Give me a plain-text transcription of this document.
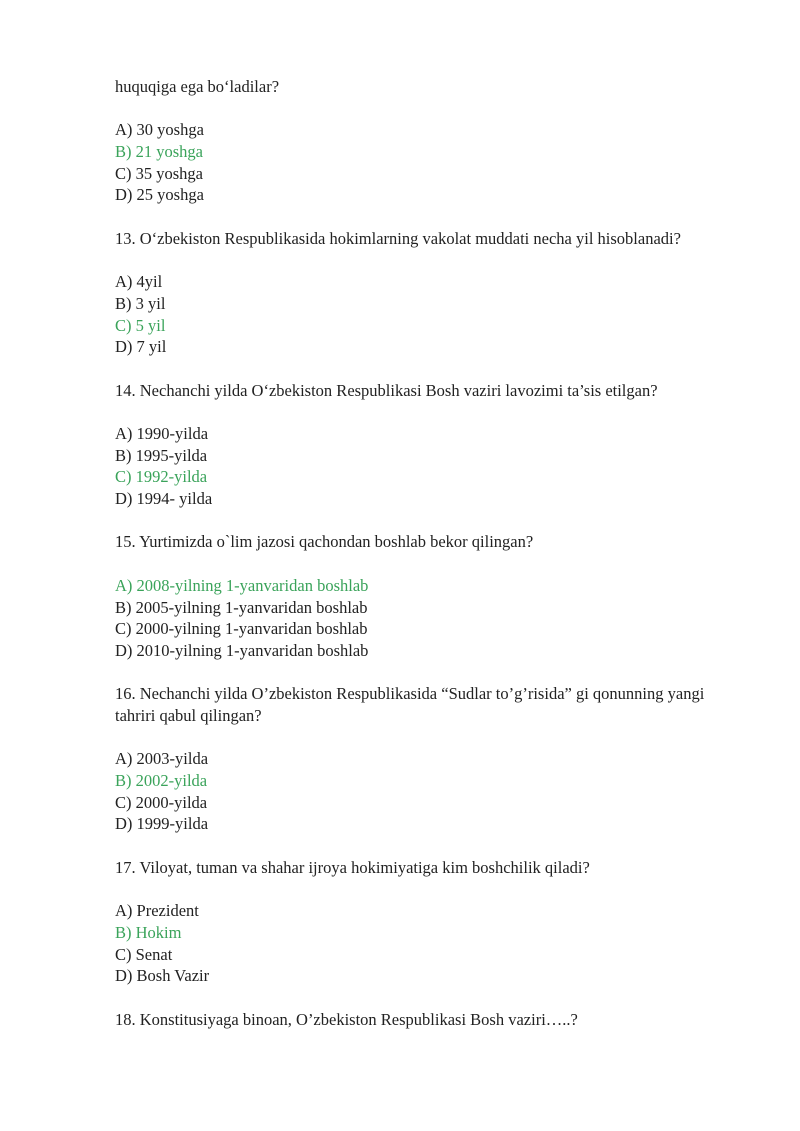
huquqiga ega bo‘ladilar?
A) 30 yoshga
B) 21 yoshga
C) 35 yoshga
D) 25 yoshga
13. O‘zbekiston Respublikasida hokimlarning vakolat muddati necha yil hisoblanadi?
A) 4yil
B) 3 yil
C) 5 yil
D) 7 yil
14. Nechanchi yilda O‘zbekiston Respublikasi Bosh vaziri lavozimi ta’sis etilgan?
A) 1990-yilda
B) 1995-yilda
C) 1992-yilda
D) 1994- yilda
15. Yurtimizda o`lim jazosi qachondan boshlab bekor qilingan?
A) 2008-yilning 1-yanvaridan boshlab
B) 2005-yilning 1-yanvaridan boshlab
C) 2000-yilning 1-yanvaridan boshlab
D) 2010-yilning 1-yanvaridan boshlab
16. Nechanchi yilda O’zbekiston Respublikasida “Sudlar to’g’risida” gi qonunning yangi tahriri qabul qilingan?
A) 2003-yilda
B) 2002-yilda
C) 2000-yilda
D) 1999-yilda
17. Viloyat, tuman va shahar ijroya hokimiyatiga kim boshchilik qiladi?
A) Prezident
B) Hokim
C) Senat
D) Bosh Vazir
18. Konstitusiyaga binoan, O’zbekiston Respublikasi Bosh vaziri…..?
